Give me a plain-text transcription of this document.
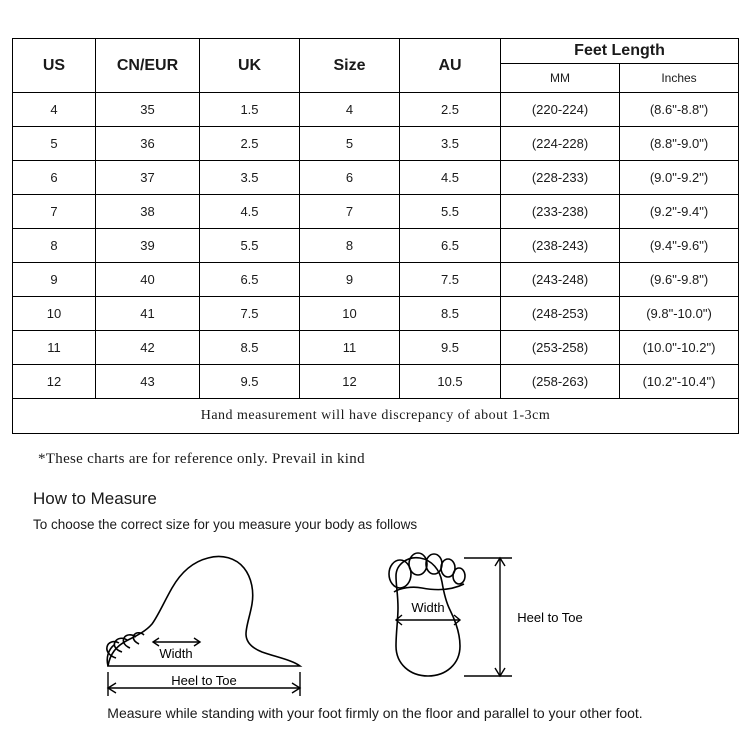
US	CN/EUR	UK	Size	AU	Feet Length	
					MM	Inches
4	35	1.5	4	2.5	(220-224)	(8.6"-8.8")
5	36	2.5	5	3.5	(224-228)	(8.8"-9.0")
6	37	3.5	6	4.5	(228-233)	(9.0"-9.2")
7	38	4.5	7	5.5	(233-238)	(9.2"-9.4")
8	39	5.5	8	6.5	(238-243)	(9.4"-9.6")
9	40	6.5	9	7.5	(243-248)	(9.6"-9.8")
10	41	7.5	10	8.5	(248-253)	(9.8"-10.0")
11	42	8.5	11	9.5	(253-258)	(10.0"-10.2")
12	43	9.5	12	10.5	(258-263)	(10.2"-10.4")
Hand measurement will have discrepancy of about 1-3cm						
*These charts are for reference only. Prevail in kind
How to Measure
To choose the correct size for you measure your body as follows
Width
Heel to Toe
Width
Heel to Toe
Measure while standing with your foot firmly on the floor and parallel to your other foot.
